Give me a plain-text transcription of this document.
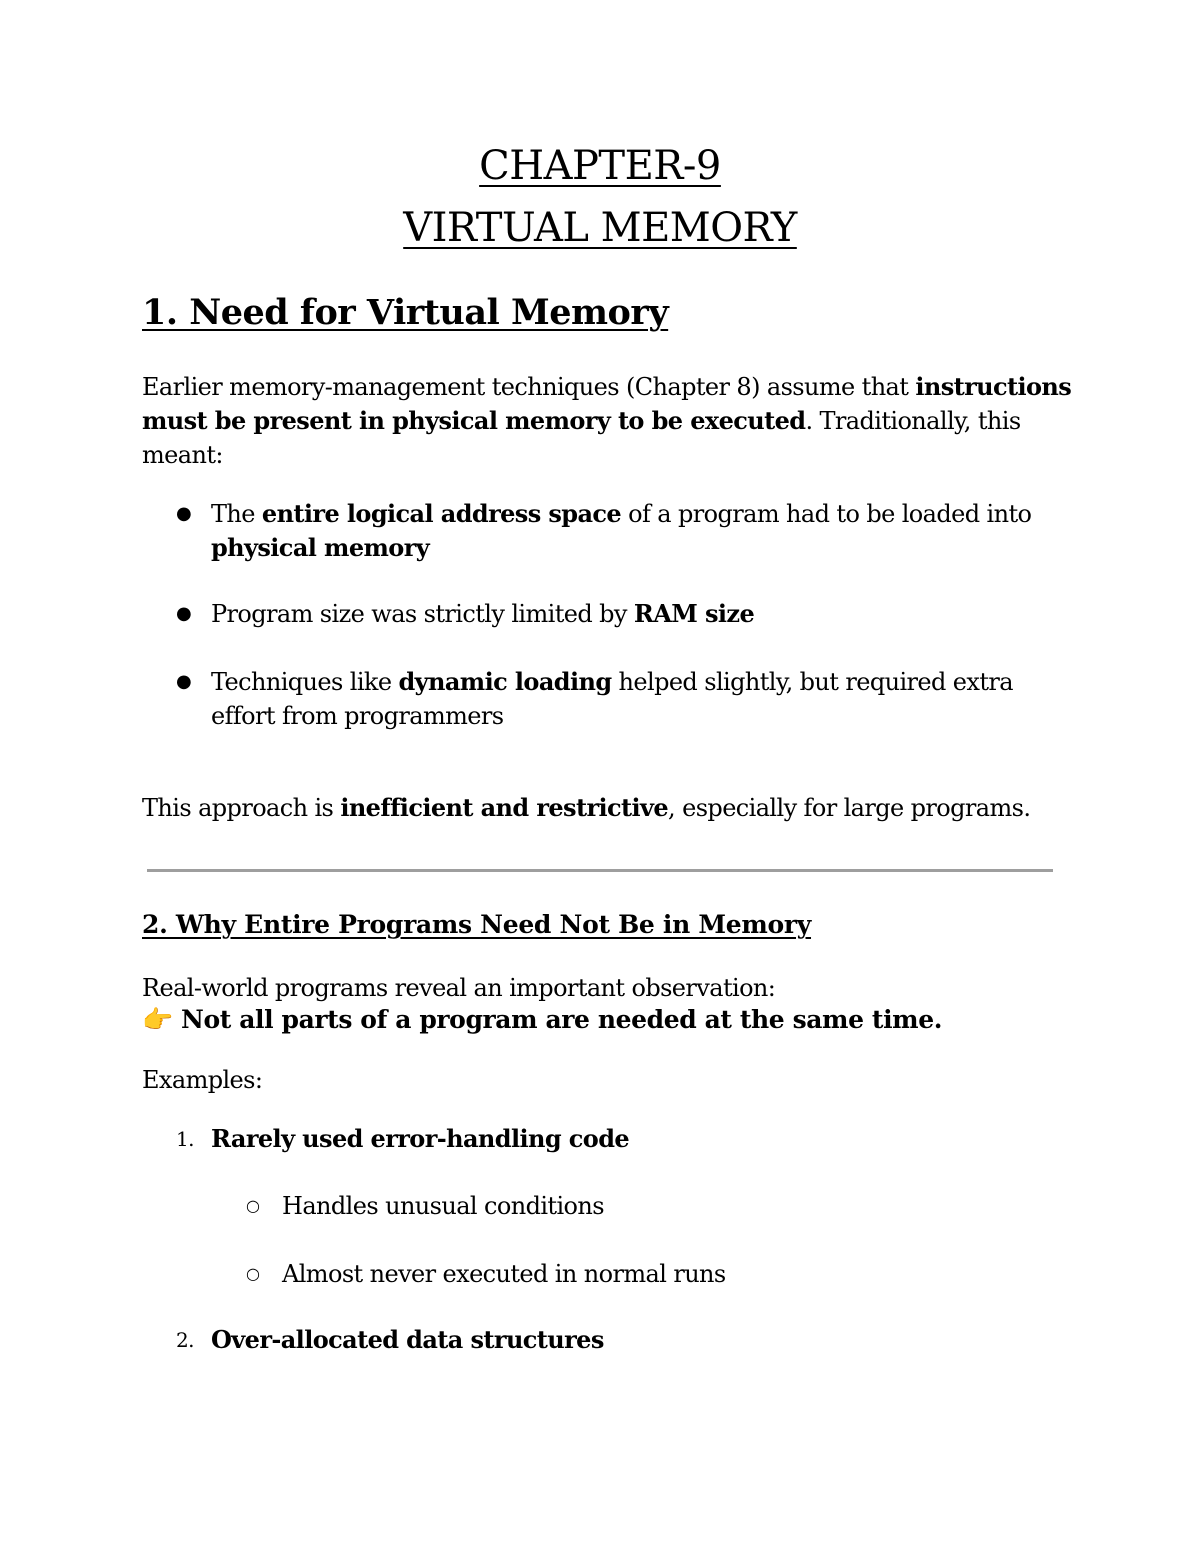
CHAPTER-9
VIRTUAL MEMORY
1. Need for Virtual Memory
Earlier memory-management techniques (Chapter 8) assume that instructions must be present in physical memory to be executed. Traditionally, this meant:
● The entire logical address space of a program had to be loaded into physical memory
● Program size was strictly limited by RAM size
● Techniques like dynamic loading helped slightly, but required extra effort from programmers
This approach is inefficient and restrictive, especially for large programs.
2. Why Entire Programs Need Not Be in Memory
Real-world programs reveal an important observation:
👉 Not all parts of a program are needed at the same time.
Examples:
1. Rarely used error-handling code
○ Handles unusual conditions
○ Almost never executed in normal runs
2. Over-allocated data structures
